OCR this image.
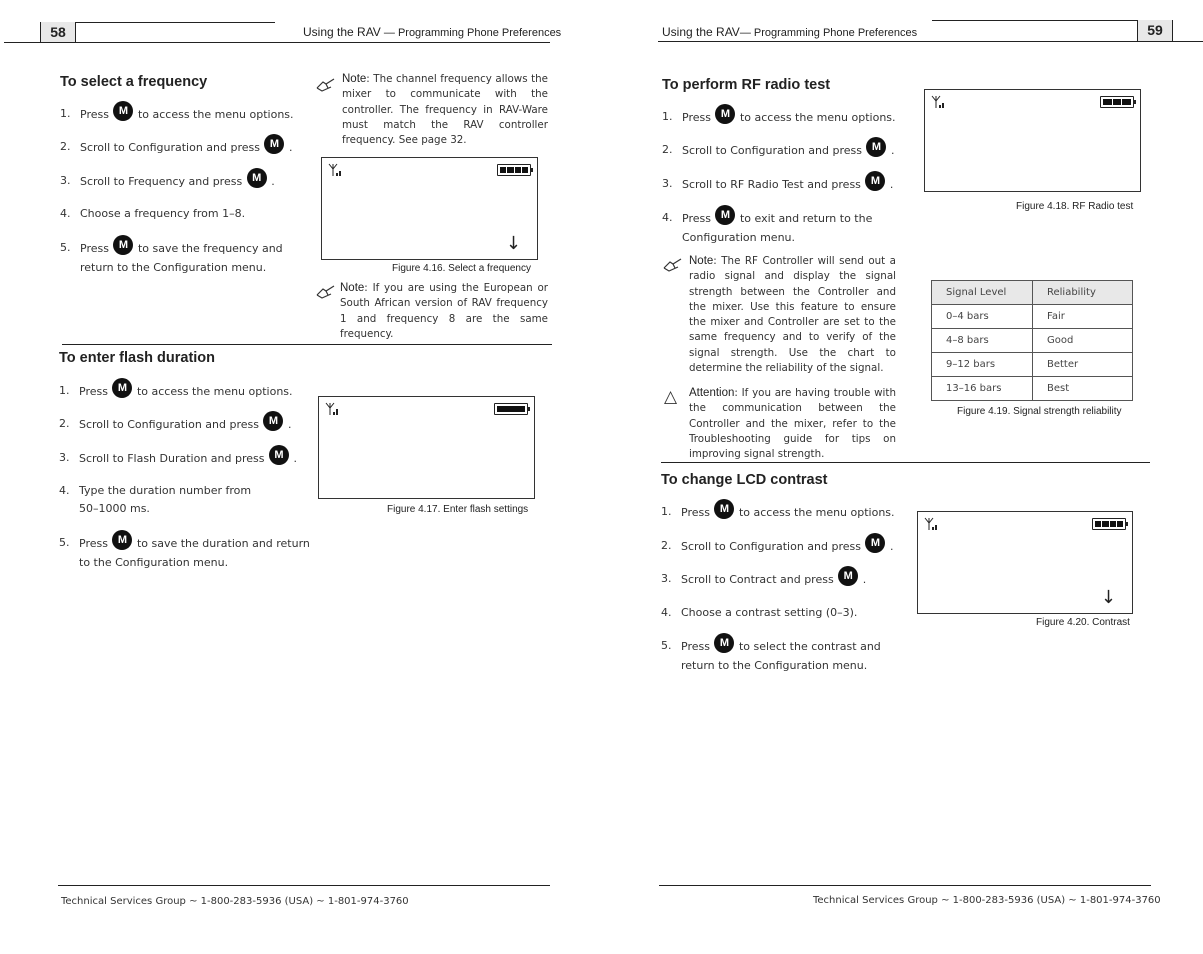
58	Using the RAV — Programming Phone Preferences
To select a frequency
1. Press M to access the menu options.
2. Scroll to Configuration and press M .
3. Scroll to Frequency and press M .
4. Choose a frequency from 1–8.
5. Press M to save the frequency and
return to the Configuration menu.
Note: The channel frequency allows the mixer to communicate with the controller. The frequency in RAV-Ware must match the RAV controller frequency. See page 32.
↓
Figure 4.16. Select a frequency
Note: If you are using the European or South African version of RAV frequency 1 and frequency 8 are the same frequency.
To enter flash duration
1. Press M to access the menu options.
2. Scroll to Configuration and press M .
3. Scroll to Flash Duration and press M .
4. Type the duration number from
50–1000 ms.
5. Press M to save the duration and return
to the Configuration menu.
Figure 4.17. Enter flash settings
Technical Services Group ~ 1-800-283-5936 (USA) ~ 1-801-974-3760
59
Using the RAV— Programming Phone Preferences
To perform RF radio test
1. Press M to access the menu options.
2. Scroll to Configuration and press M .
3. Scroll to RF Radio Test and press M .
4. Press M to exit and return to the
Configuration menu.
Figure 4.18. RF Radio test
Note: The RF Controller will send out a radio signal and display the signal strength between the Controller and the mixer. Use this feature to ensure the mixer and Controller are set to the same frequency and to verify of the signal strength. Use the chart to determine the reliability of the signal.
△ Attention: If you are having trouble with the communication between the Controller and the mixer, refer to the Troubleshooting guide for tips on improving signal strength.
Signal Level	Reliability
0–4 bars	Fair
4–8 bars	Good
9–12 bars	Better
13–16 bars	Best
Figure 4.19. Signal strength reliability
To change LCD contrast
1. Press M to access the menu options.
2. Scroll to Configuration and press M .
3. Scroll to Contract and press M .
4. Choose a contrast setting (0–3).
5. Press M to select the contrast and
return to the Configuration menu.
↓
Figure 4.20. Contrast
Technical Services Group ~ 1-800-283-5936 (USA) ~ 1-801-974-3760
